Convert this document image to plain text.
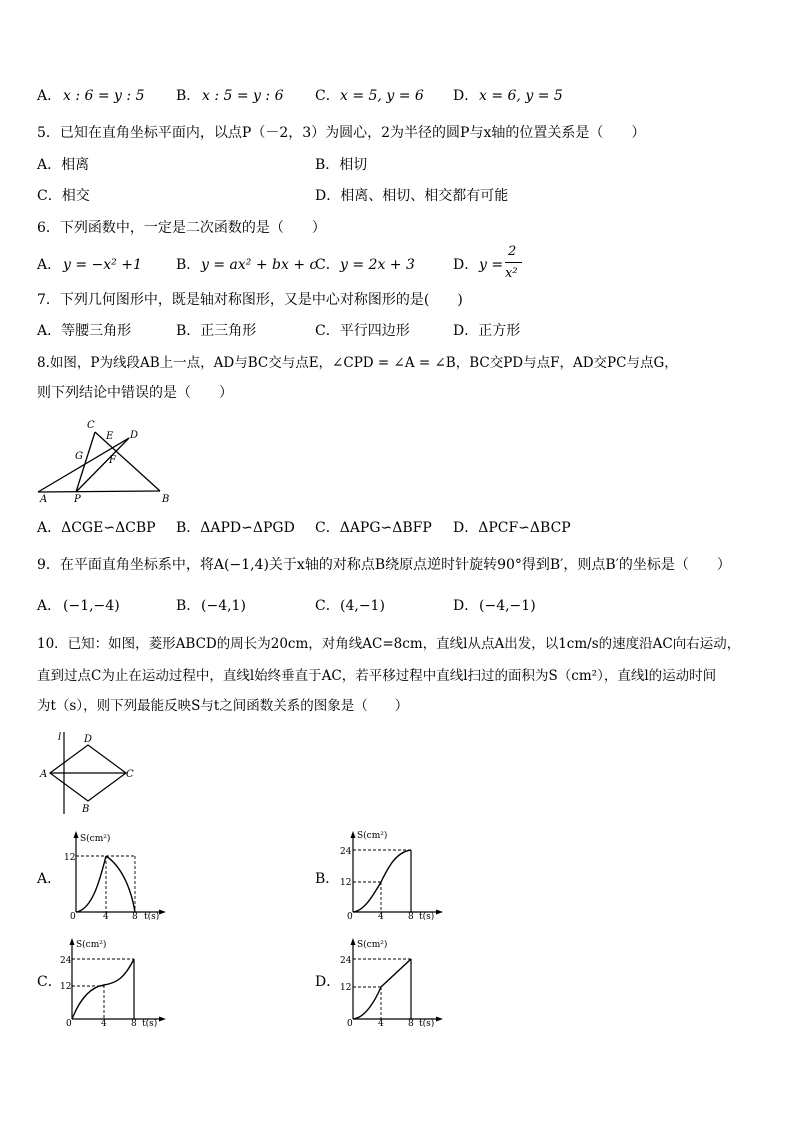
A． x : 6 = y : 5 B． x : 5 = y : 6 C． x = 5, y = 6 D． x = 6, y = 5
5．已知在直角坐标平面内，以点P（－2，3）为圆心，2为半径的圆P与x轴的位置关系是（　　）
A．相离	B．相切
C．相交	D．相离、相切、相交都有可能
6．下列函数中，一定是二次函数的是（　　）
A． y = −x² +1 B． y = ax² + bx + c
C． y = 2x + 3	D． y =
2
x²
7．下列几何图形中，既是轴对称图形，又是中心对称图形的是(　　)
A．等腰三角形	B．正三角形	C．平行四边形	D．正方形
8.如图，P为线段AB上一点，AD与BC交与点E，∠CPD = ∠A = ∠B，BC交PD与点F，AD交PC与点G，
则下列结论中错误的是（　　）
C
E D
G	F
A	P	B
A．ΔCGE∽ΔCBP B．ΔAPD∽ΔPGD C．ΔAPG∽ΔBFP D．ΔPCF∽ΔBCP
9．在平面直角坐标系中，将A(−1,4)关于x轴的对称点B绕原点逆时针旋转90°得到B′，则点B′的坐标是（　　）
A． (−1,−4)	B． (−4,1)	C． (4,−1)	D． (−4,−1)
10．已知：如图，菱形ABCD的周长为20cm，对角线AC=8cm，直线l从点A出发，以1cm/s的速度沿AC向右运动，
直到过点C为止在运动过程中，直线l始终垂直于AC，若平移过程中直线l扫过的面积为S（cm²），直线l的运动时间
为t（s），则下列最能反映S与t之间函数关系的图象是（　　）
l
A
D
C
B
A．
S(cm²)
12
0	4	8 t(s)
B．
S(cm²)
24
12
0	4	8 t(s)
C．
S(cm²)
24
12
0	4	8 t(s)
D．
S(cm²)
24
12
0	4	8 t(s)
